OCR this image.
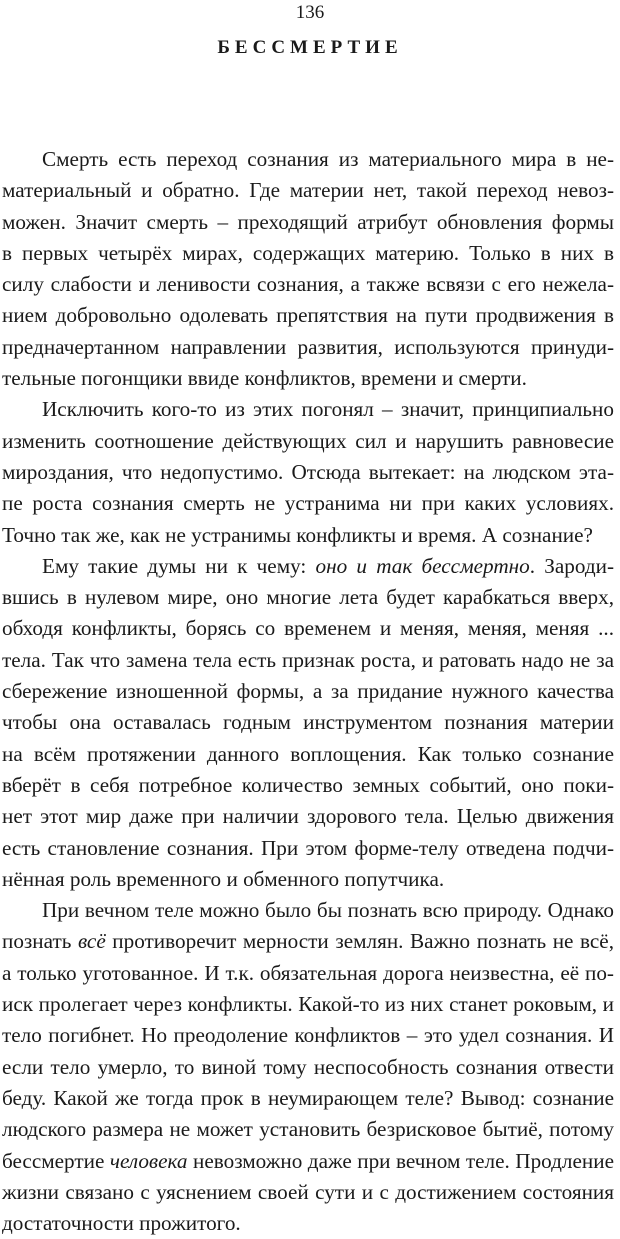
136
БЕССМЕРТИЕ

Смерть есть переход сознания из материального мира в не-
материальный и обратно. Где материи нет, такой переход невоз-
можен. Значит смерть – преходящий атрибут обновления формы
в первых четырёх мирах, содержащих материю. Только в них в
силу слабости и ленивости сознания, а также всвязи с его нежела-
нием добровольно одолевать препятствия на пути продвижения в
предначертанном направлении развития, используются принуди-
тельные погонщики ввиде конфликтов, времени и смерти.

Исключить кого-то из этих погонял – значит, принципиально
изменить соотношение действующих сил и нарушить равновесие
мироздания, что недопустимо. Отсюда вытекает: на людском эта-
пе роста сознания смерть не устранима ни при каких условиях.
Точно так же, как не устранимы конфликты и время. А сознание?

Ему такие думы ни к чему: оно и так бессмертно. Зароди-
вшись в нулевом мире, оно многие лета будет карабкаться вверх,
обходя конфликты, борясь со временем и меняя, меняя, меняя ...
тела. Так что замена тела есть признак роста, и ратовать надо не за
сбережение изношенной формы, а за придание нужного качества
чтобы она оставалась годным инструментом познания материи
на всём протяжении данного воплощения. Как только сознание
вберёт в себя потребное количество земных событий, оно поки-
нет этот мир даже при наличии здорового тела. Целью движения
есть становление сознания. При этом форме-телу отведена подчи-
нённая роль временного и обменного попутчика.

При вечном теле можно было бы познать всю природу. Однако
познать всё противоречит мерности землян. Важно познать не всё,
а только уготованное. И т.к. обязательная дорога неизвестна, её по-
иск пролегает через конфликты. Какой-то из них станет роковым, и
тело погибнет. Но преодоление конфликтов – это удел сознания. И
если тело умерло, то виной тому неспособность сознания отвести
беду. Какой же тогда прок в неумирающем теле? Вывод: сознание
людского размера не может установить безрисковое бытиё, потому
бессмертие человека невозможно даже при вечном теле. Продление
жизни связано с уяснением своей сути и с достижением состояния
достаточности прожитого.
